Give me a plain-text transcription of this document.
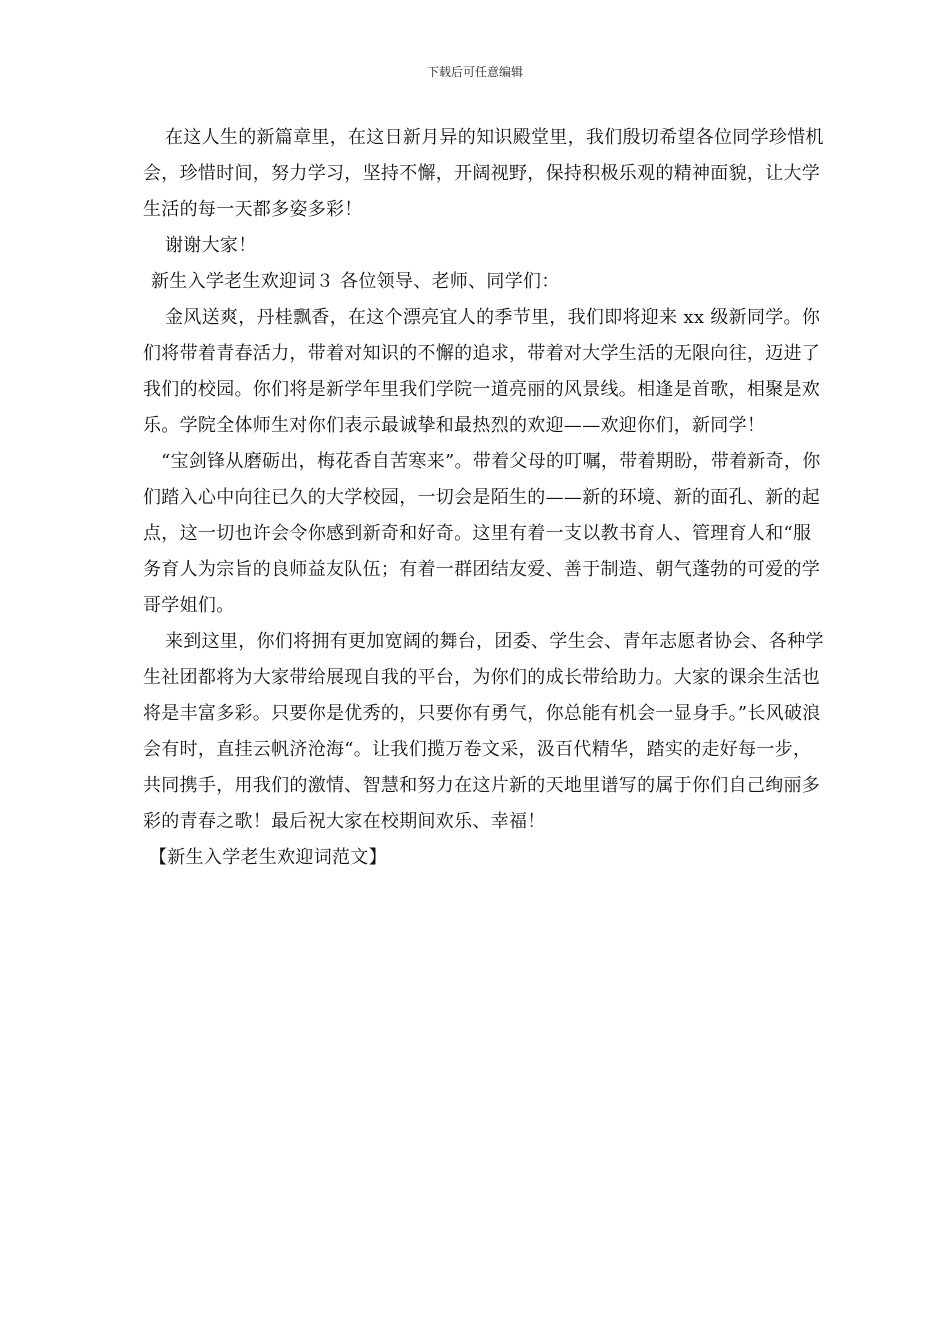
下载后可任意编辑

在这人生的新篇章里，在这日新月异的知识殿堂里，我们殷切希望各位同学珍惜机会，珍惜时间，努力学习，坚持不懈，开阔视野，保持积极乐观的精神面貌，让大学生活的每一天都多姿多彩！

谢谢大家！

新生入学老生欢迎词３ 各位领导、老师、同学们：

金风送爽，丹桂飘香，在这个漂亮宜人的季节里，我们即将迎来 xx 级新同学。你们将带着青春活力，带着对知识的不懈的追求，带着对大学生活的无限向往，迈进了我们的校园。你们将是新学年里我们学院一道亮丽的风景线。相逢是首歌，相聚是欢乐。学院全体师生对你们表示最诚挚和最热烈的欢迎——欢迎你们，新同学！

“宝剑锋从磨砺出，梅花香自苦寒来”。带着父母的叮嘱，带着期盼，带着新奇，你们踏入心中向往已久的大学校园，一切会是陌生的——新的环境、新的面孔、新的起点，这一切也许会令你感到新奇和好奇。这里有着一支以教书育人、管理育人和“服务育人为宗旨的良师益友队伍；有着一群团结友爱、善于制造、朝气蓬勃的可爱的学哥学姐们。

来到这里，你们将拥有更加宽阔的舞台，团委、学生会、青年志愿者协会、各种学生社团都将为大家带给展现自我的平台，为你们的成长带给助力。大家的课余生活也将是丰富多彩。只要你是优秀的，只要你有勇气，你总能有机会一显身手。”长风破浪会有时，直挂云帆济沧海“。让我们揽万卷文采，汲百代精华，踏实的走好每一步，共同携手，用我们的激情、智慧和努力在这片新的天地里谱写的属于你们自己绚丽多彩的青春之歌！最后祝大家在校期间欢乐、幸福！

【新生入学老生欢迎词范文】
